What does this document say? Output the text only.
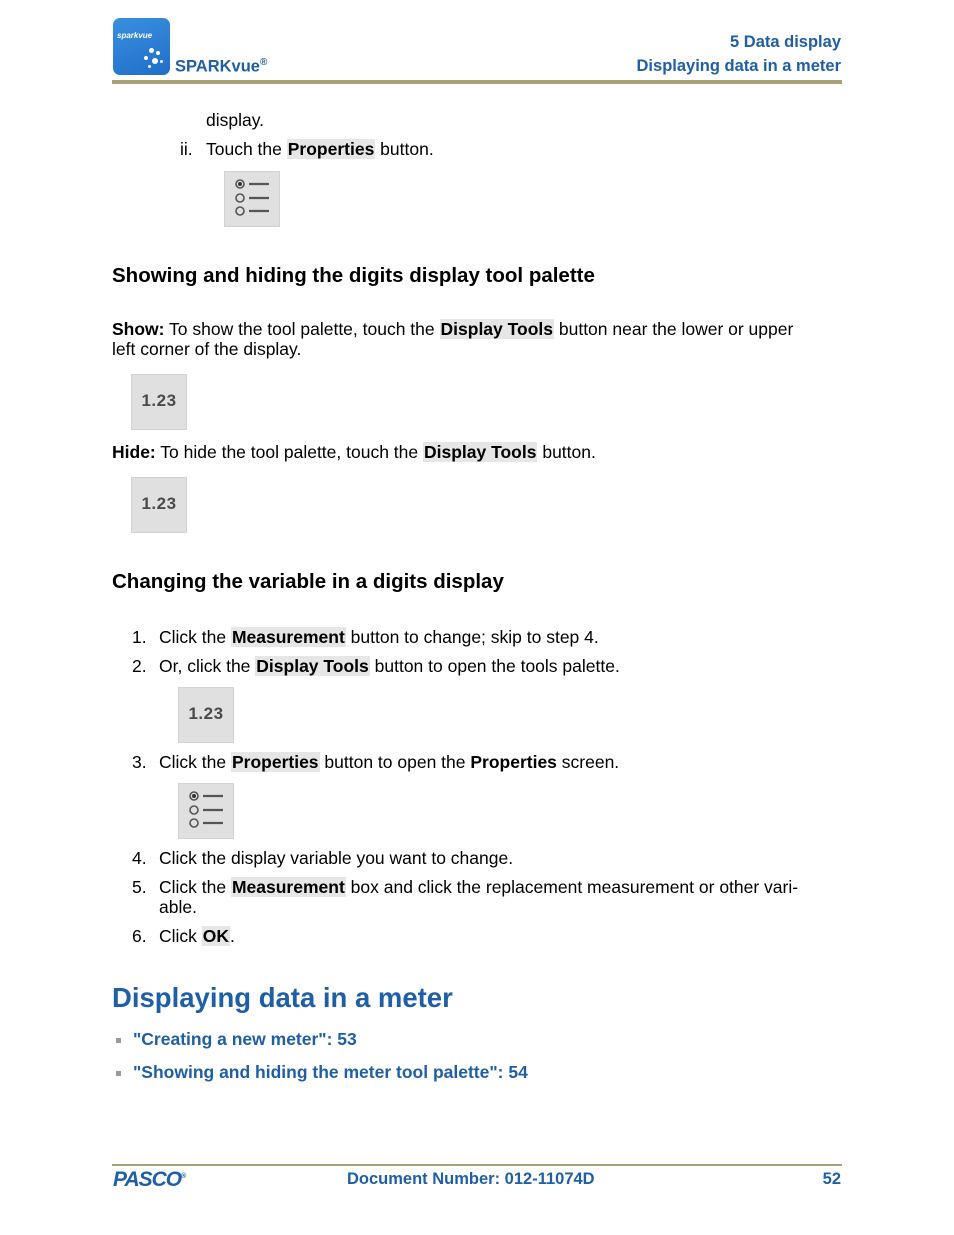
sparkvue
SPARKvue®
5 Data display
Displaying data in a meter
display.
ii. Touch the Properties button.
Showing and hiding the digits display tool palette
Show: To show the tool palette, touch the Display Tools button near the lower or upper
left corner of the display.
1.23
Hide: To hide the tool palette, touch the Display Tools button.
1.23
Changing the variable in a digits display
1. Click the Measurement button to change; skip to step 4.
2. Or, click the Display Tools button to open the tools palette.
1.23
3. Click the Properties button to open the Properties screen.
4. Click the display variable you want to change.
5. Click the Measurement box and click the replacement measurement or other vari-
able.
6. Click OK.
Displaying data in a meter
"Creating a new meter": 53
"Showing and hiding the meter tool palette": 54
PASCO®	Document Number: 012-11074D	52
